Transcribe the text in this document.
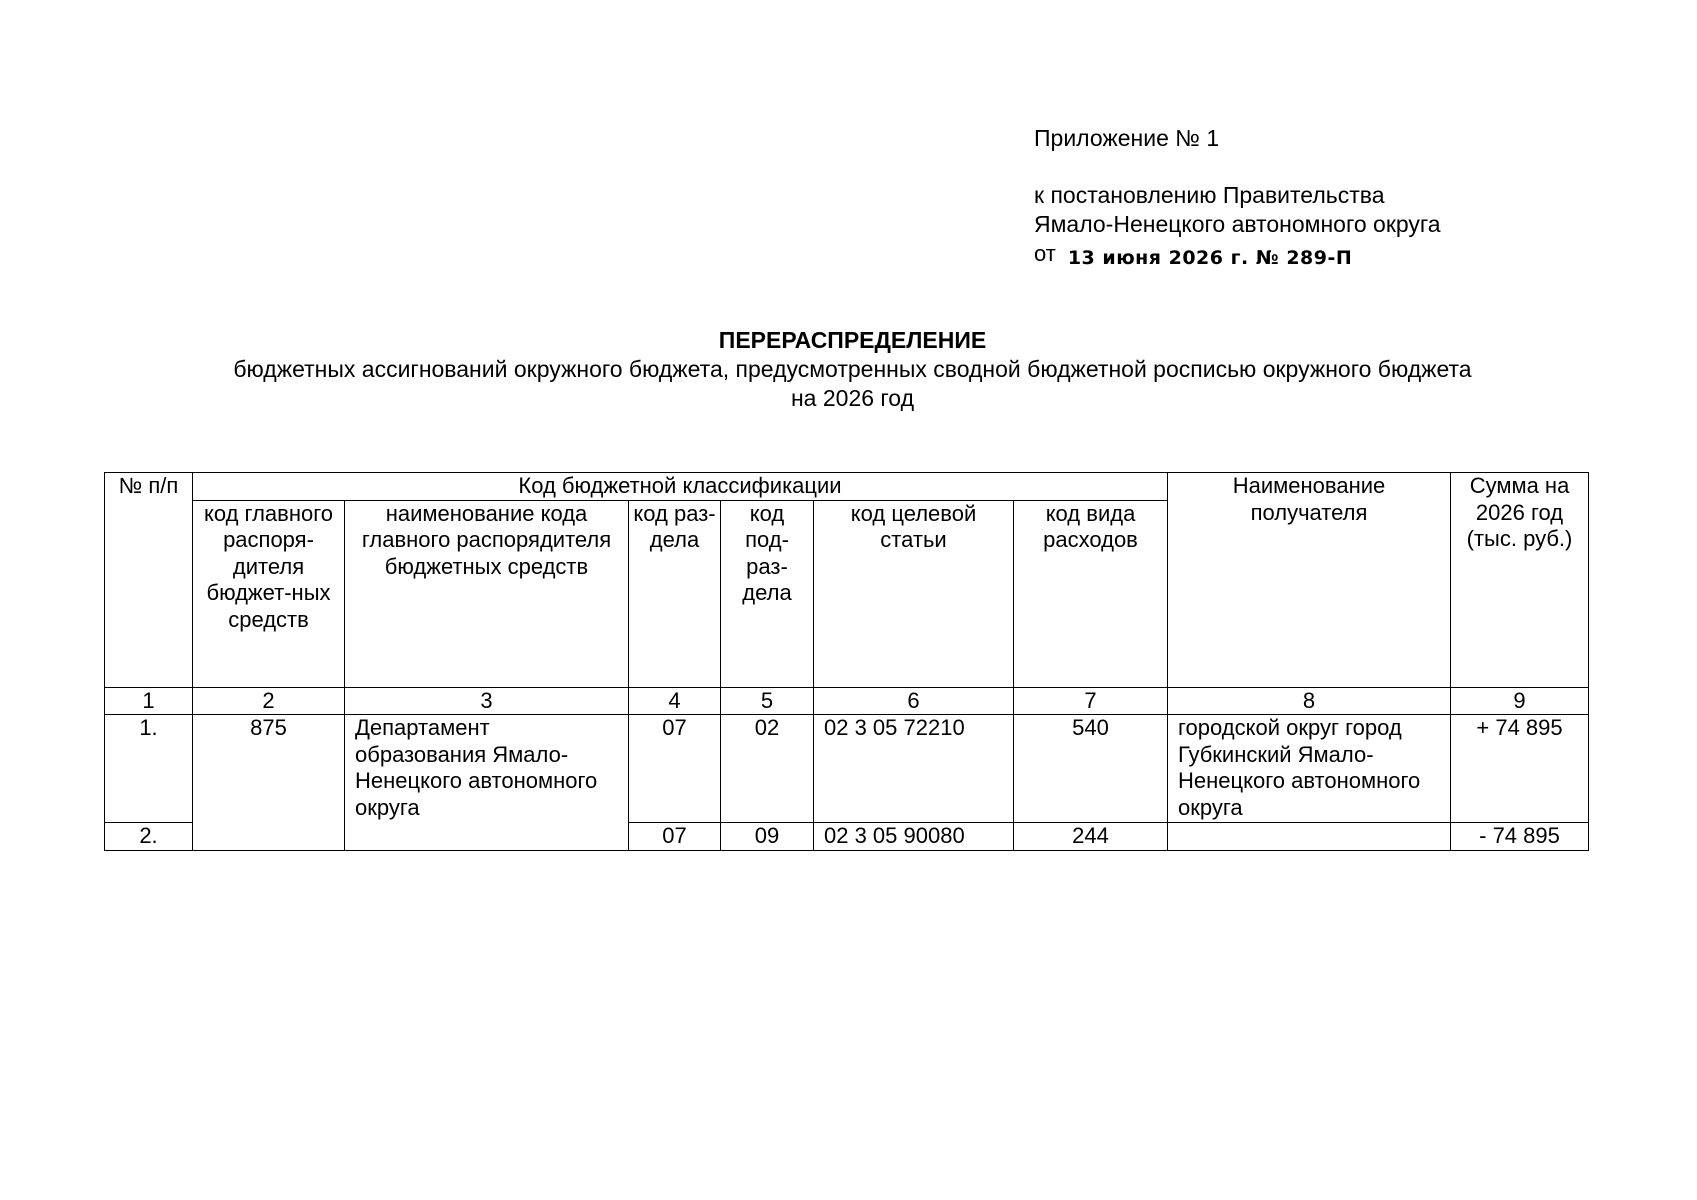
Приложение № 1
к постановлению Правительства
Ямало-Ненецкого автономного округа
от 13 июня 2026 г. № 289-П
ПЕРЕРАСПРЕДЕЛЕНИЕ
бюджетных ассигнований окружного бюджета, предусмотренных сводной бюджетной росписью окружного бюджета
на 2026 год
№ п/п	Код бюджетной классификации						Наименование получателя	Сумма на 2026 год (тыс. руб.)
	код главного распоря-дителя бюджет-ных средств	наименование кода главного распорядителя бюджетных средств	код раз-дела	код под-раз-дела	код целевой статьи	код вида расходов		
1	2	3	4	5	6	7	8	9
1.	875	Департамент образования Ямало-Ненецкого автономного округа	07	02	02 3 05 72210	540	городской округ город Губкинский Ямало-Ненецкого автономного округа	+ 74 895
2.			07	09	02 3 05 90080	244		- 74 895
